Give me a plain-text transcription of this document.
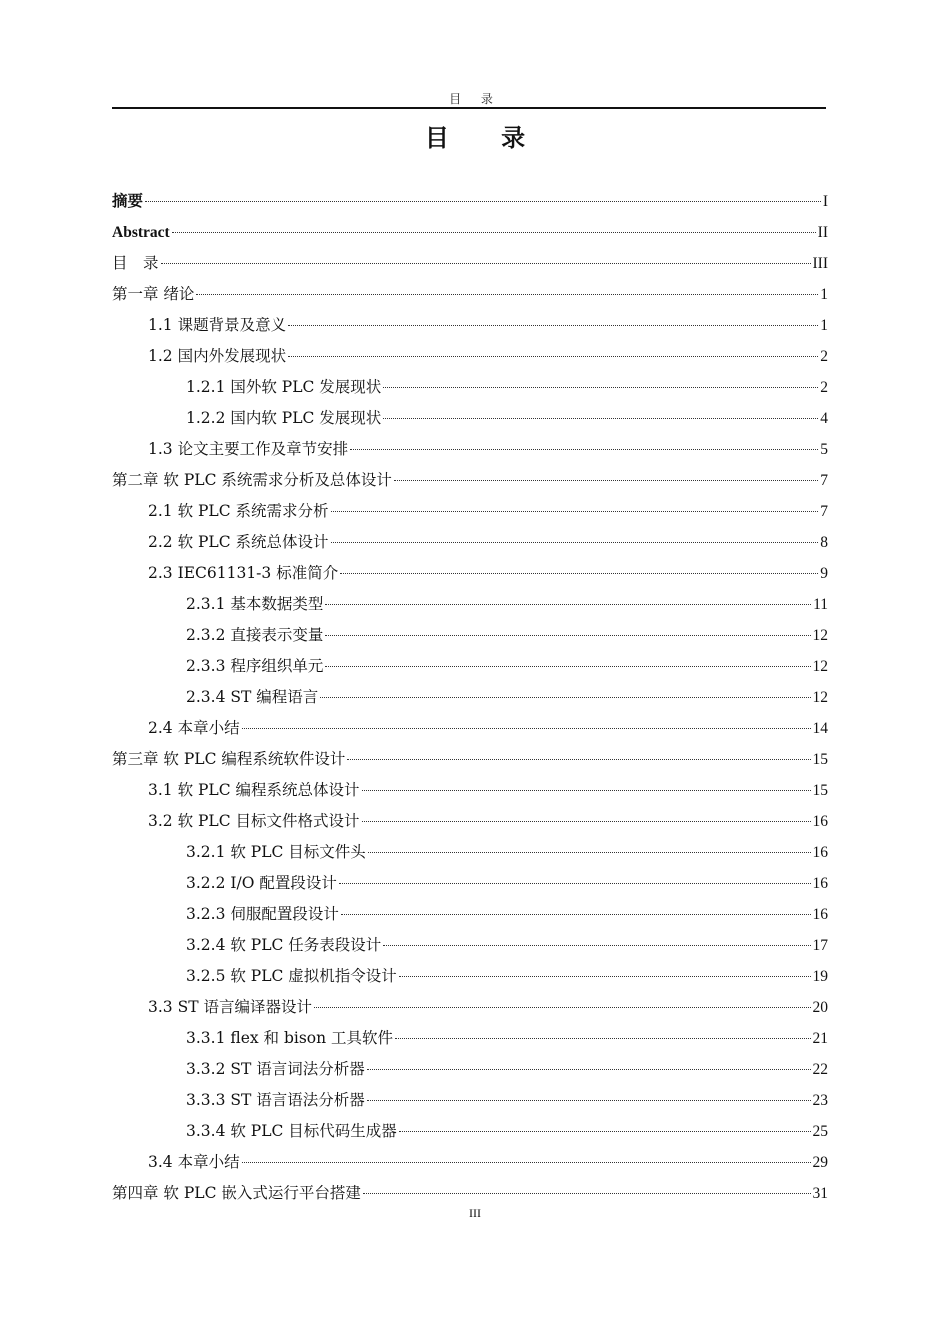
目 录
目 录
摘要	I
Abstract	II
目　录	III
第一章 绪论	1
1.1 课题背景及意义	1
1.2 国内外发展现状	2
1.2.1 国外软 PLC 发展现状	2
1.2.2 国内软 PLC 发展现状	4
1.3 论文主要工作及章节安排	5
第二章 软 PLC 系统需求分析及总体设计	7
2.1 软 PLC 系统需求分析	7
2.2 软 PLC 系统总体设计	8
2.3 IEC61131-3 标准简介	9
2.3.1 基本数据类型	11
2.3.2 直接表示变量	12
2.3.3 程序组织单元	12
2.3.4 ST 编程语言	12
2.4 本章小结	14
第三章 软 PLC 编程系统软件设计	15
3.1 软 PLC 编程系统总体设计	15
3.2 软 PLC 目标文件格式设计	16
3.2.1 软 PLC 目标文件头	16
3.2.2 I/O 配置段设计	16
3.2.3 伺服配置段设计	16
3.2.4 软 PLC 任务表段设计	17
3.2.5 软 PLC 虚拟机指令设计	19
3.3 ST 语言编译器设计	20
3.3.1 flex 和 bison 工具软件	21
3.3.2 ST 语言词法分析器	22
3.3.3 ST 语言语法分析器	23
3.3.4 软 PLC 目标代码生成器	25
3.4 本章小结	29
第四章 软 PLC 嵌入式运行平台搭建	31
III
